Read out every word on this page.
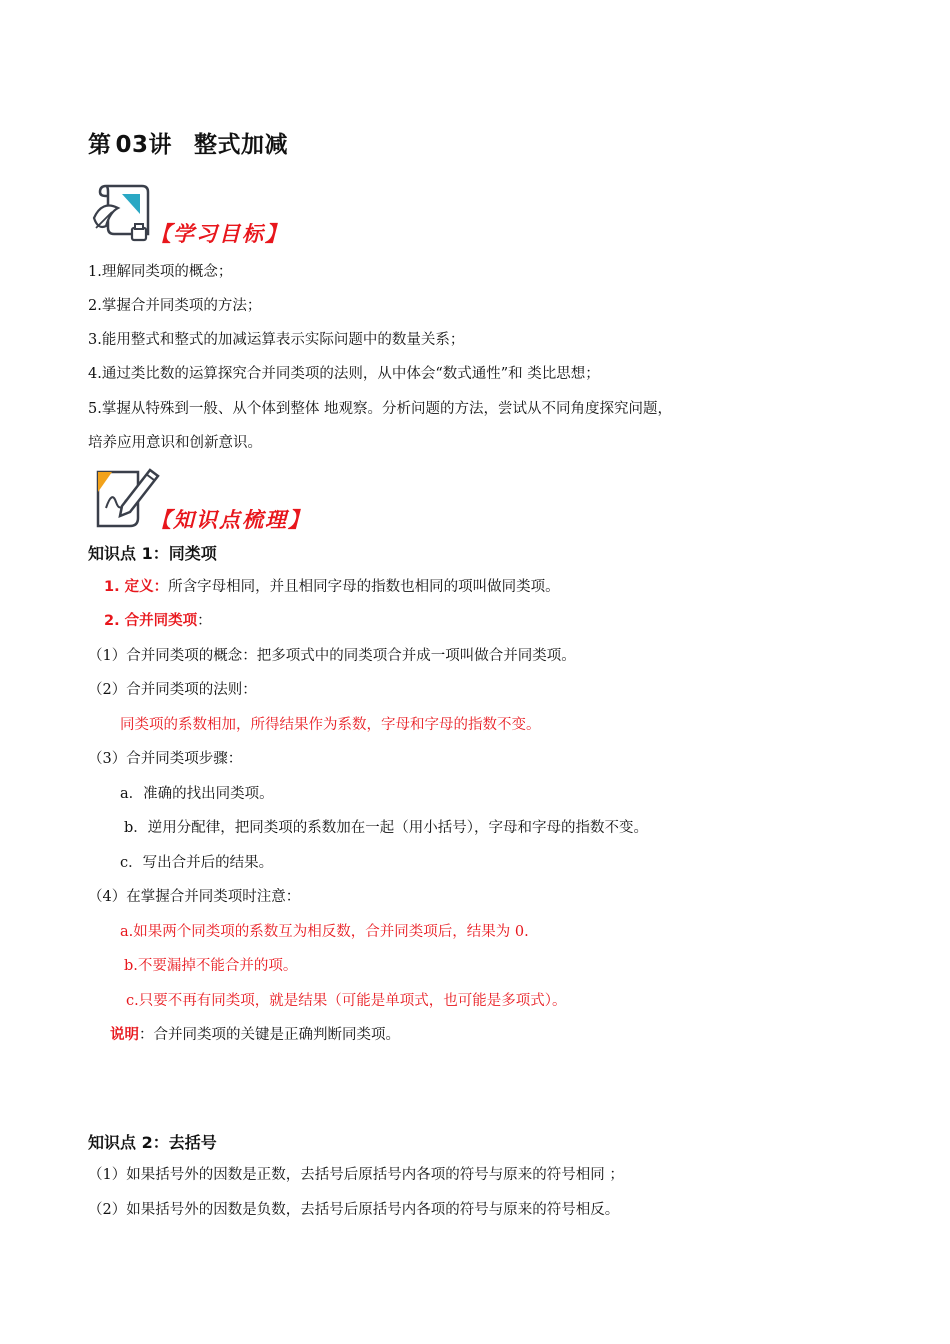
第 03讲 整式加减
【学习目标】
1.理解同类项的概念；
2.掌握合并同类项的方法；
3.能用整式和整式的加减运算表示实际问题中的数量关系；
4.通过类比数的运算探究合并同类项的法则，从中体会“数式通性”和 类比思想；
5.掌握从特殊到一般、从个体到整体 地观察。分析问题的方法，尝试从不同角度探究问题，
培养应用意识和创新意识。
【知识点梳理】
知识点 1：同类项
1. 定义：所含字母相同，并且相同字母的指数也相同的项叫做同类项。
2. 合并同类项：
（1）合并同类项的概念：把多项式中的同类项合并成一项叫做合并同类项。
（2）合并同类项的法则：
同类项的系数相加，所得结果作为系数，字母和字母的指数不变。
（3）合并同类项步骤：
a．准确的找出同类项。
b．逆用分配律，把同类项的系数加在一起（用小括号），字母和字母的指数不变。
c．写出合并后的结果。
（4）在掌握合并同类项时注意：
a.如果两个同类项的系数互为相反数，合并同类项后，结果为 0.
b.不要漏掉不能合并的项。
c.只要不再有同类项，就是结果（可能是单项式，也可能是多项式）。
说明：合并同类项的关键是正确判断同类项。
知识点 2：去括号
（1）如果括号外的因数是正数，去括号后原括号内各项的符号与原来的符号相同 ；
（2）如果括号外的因数是负数，去括号后原括号内各项的符号与原来的符号相反。
